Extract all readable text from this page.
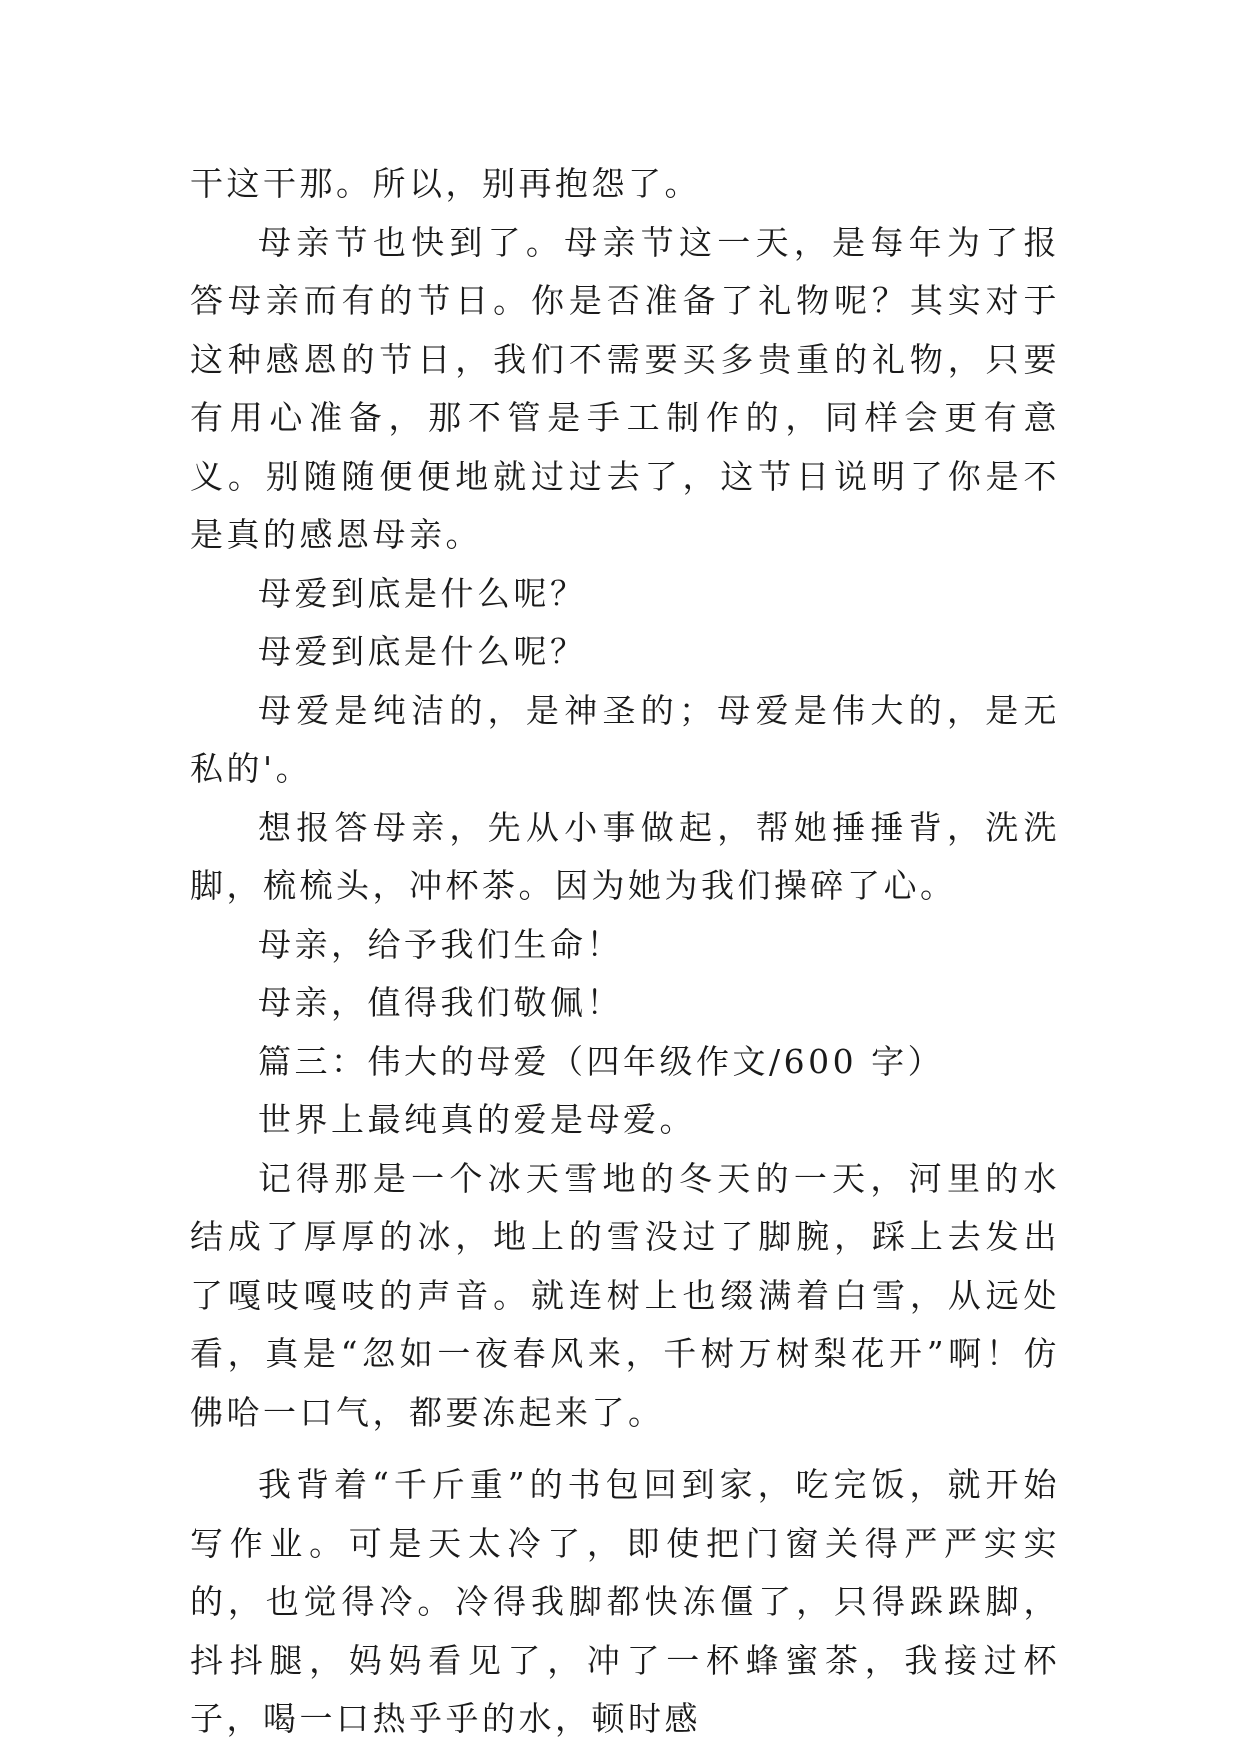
干这干那。所以，别再抱怨了。

母亲节也快到了。母亲节这一天，是每年为了报答母亲而有的节日。你是否准备了礼物呢？其实对于这种感恩的节日，我们不需要买多贵重的礼物，只要有用心准备，那不管是手工制作的，同样会更有意义。别随随便便地就过过去了，这节日说明了你是不是真的感恩母亲。

母爱到底是什么呢？

母爱到底是什么呢？

母爱是纯洁的，是神圣的；母爱是伟大的，是无私的'。

想报答母亲，先从小事做起，帮她捶捶背，洗洗脚，梳梳头，冲杯茶。因为她为我们操碎了心。

母亲，给予我们生命！

母亲，值得我们敬佩！

篇三：伟大的母爱（四年级作文/600 字）

世界上最纯真的爱是母爱。

记得那是一个冰天雪地的冬天的一天，河里的水结成了厚厚的冰，地上的雪没过了脚腕，踩上去发出了嘎吱嘎吱的声音。就连树上也缀满着白雪，从远处看，真是“忽如一夜春风来，千树万树梨花开”啊！仿佛哈一口气，都要冻起来了。

我背着“千斤重”的书包回到家，吃完饭，就开始写作业。可是天太冷了，即使把门窗关得严严实实的，也觉得冷。冷得我脚都快冻僵了，只得跺跺脚，抖抖腿，妈妈看见了，冲了一杯蜂蜜茶，我接过杯子，喝一口热乎乎的水，顿时感
